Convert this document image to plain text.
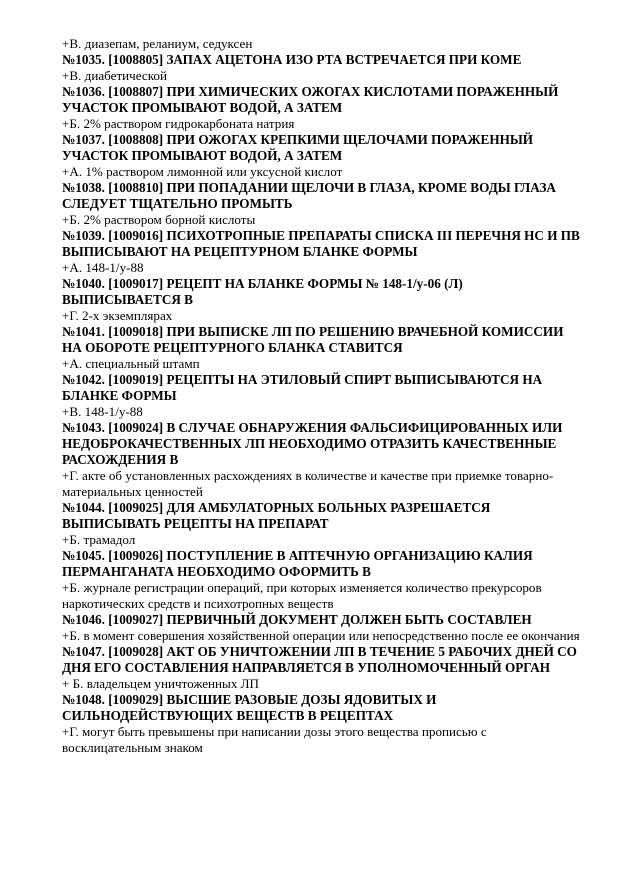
+В. диазепам, реланиум, седуксен

№1035. [1008805] ЗАПАХ АЦЕТОНА ИЗО РТА ВСТРЕЧАЕТСЯ ПРИ КОМЕ

+В. диабетической

№1036. [1008807] ПРИ ХИМИЧЕСКИХ ОЖОГАХ КИСЛОТАМИ ПОРАЖЕННЫЙ УЧАСТОК ПРОМЫВАЮТ ВОДОЙ, А ЗАТЕМ

+Б. 2% раствором гидрокарбоната натрия

№1037. [1008808] ПРИ ОЖОГАХ КРЕПКИМИ ЩЕЛОЧАМИ ПОРАЖЕННЫЙ УЧАСТОК ПРОМЫВАЮТ ВОДОЙ, А ЗАТЕМ

+А. 1% раствором лимонной или уксусной кислот

№1038. [1008810] ПРИ ПОПАДАНИИ ЩЕЛОЧИ В ГЛАЗА, КРОМЕ ВОДЫ ГЛАЗА СЛЕДУЕТ ТЩАТЕЛЬНО ПРОМЫТЬ

+Б. 2% раствором борной кислоты

№1039. [1009016] ПСИХОТРОПНЫЕ ПРЕПАРАТЫ СПИСКА III ПЕРЕЧНЯ НС И ПВ ВЫПИСЫВАЮТ НА РЕЦЕПТУРНОМ БЛАНКЕ ФОРМЫ

+А. 148-1/у-88

№1040. [1009017] РЕЦЕПТ НА БЛАНКЕ ФОРМЫ № 148-1/у-06 (Л) ВЫПИСЫВАЕТСЯ В

+Г. 2-х экземплярах

№1041. [1009018] ПРИ ВЫПИСКЕ ЛП ПО РЕШЕНИЮ ВРАЧЕБНОЙ КОМИССИИ НА ОБОРОТЕ РЕЦЕПТУРНОГО БЛАНКА СТАВИТСЯ

+А. специальный штамп

№1042. [1009019] РЕЦЕПТЫ НА ЭТИЛОВЫЙ СПИРТ ВЫПИСЫВАЮТСЯ НА БЛАНКЕ ФОРМЫ

+В. 148-1/у-88

№1043. [1009024] В СЛУЧАЕ ОБНАРУЖЕНИЯ ФАЛЬСИФИЦИРОВАННЫХ ИЛИ НЕДОБРОКАЧЕСТВЕННЫХ ЛП НЕОБХОДИМО ОТРАЗИТЬ КАЧЕСТВЕННЫЕ РАСХОЖДЕНИЯ В

+Г. акте об установленных расхождениях в количестве и качестве при приемке товарно-материальных ценностей

№1044. [1009025] ДЛЯ АМБУЛАТОРНЫХ БОЛЬНЫХ РАЗРЕШАЕТСЯ ВЫПИСЫВАТЬ РЕЦЕПТЫ НА ПРЕПАРАТ

+Б. трамадол

№1045. [1009026] ПОСТУПЛЕНИЕ В АПТЕЧНУЮ ОРГАНИЗАЦИЮ КАЛИЯ ПЕРМАНГАНАТА НЕОБХОДИМО ОФОРМИТЬ В

+Б. журнале регистрации операций, при которых изменяется количество прекурсоров наркотических средств и психотропных веществ

№1046. [1009027] ПЕРВИЧНЫЙ ДОКУМЕНТ ДОЛЖЕН БЫТЬ СОСТАВЛЕН

+Б. в момент совершения хозяйственной операции или непосредственно после ее окончания

№1047. [1009028] АКТ ОБ УНИЧТОЖЕНИИ ЛП В ТЕЧЕНИЕ 5 РАБОЧИХ ДНЕЙ СО ДНЯ ЕГО СОСТАВЛЕНИЯ НАПРАВЛЯЕТСЯ В УПОЛНОМОЧЕННЫЙ ОРГАН

+ Б. владельцем уничтоженных ЛП

№1048. [1009029] ВЫСШИЕ РАЗОВЫЕ ДОЗЫ ЯДОВИТЫХ И СИЛЬНОДЕЙСТВУЮЩИХ ВЕЩЕСТВ В РЕЦЕПТАХ

+Г. могут быть превышены при написании дозы этого вещества прописью с восклицательным знаком
